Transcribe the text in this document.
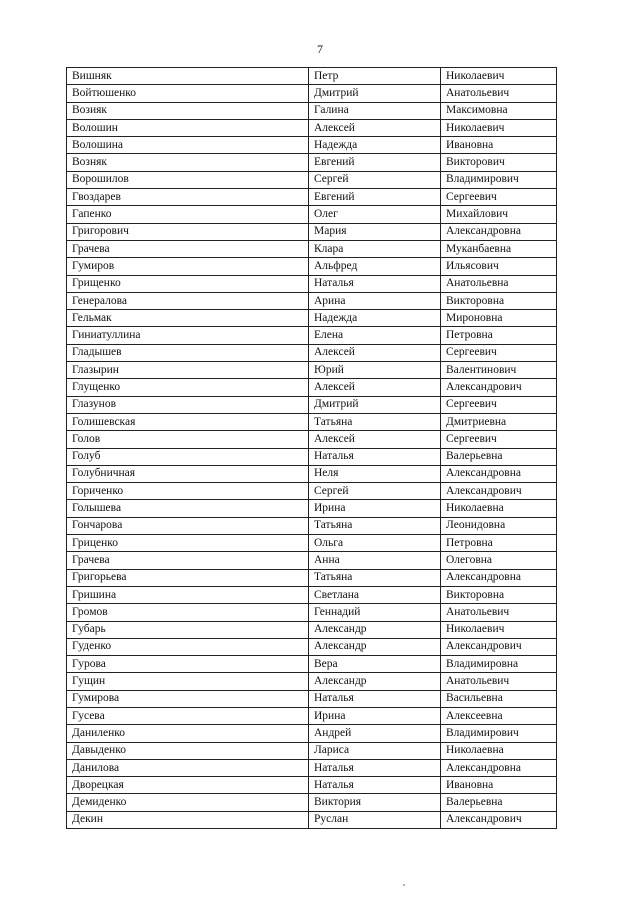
7
Вишняк	Петр	Николаевич
Войтюшенко	Дмитрий	Анатольевич
Возияк	Галина	Максимовна
Волошин	Алексей	Николаевич
Волошина	Надежда	Ивановна
Возняк	Евгений	Викторович
Ворошилов	Сергей	Владимирович
Гвоздарев	Евгений	Сергеевич
Гапенко	Олег	Михайлович
Григорович	Мария	Александровна
Грачева	Клара	Муканбаевна
Гумиров	Альфред	Ильясович
Грищенко	Наталья	Анатольевна
Генералова	Арина	Викторовна
Гельмак	Надежда	Мироновна
Гиниатуллина	Елена	Петровна
Гладышев	Алексей	Сергеевич
Глазырин	Юрий	Валентинович
Глущенко	Алексей	Александрович
Глазунов	Дмитрий	Сергеевич
Голишевская	Татьяна	Дмитриевна
Голов	Алексей	Сергеевич
Голуб	Наталья	Валерьевна
Голубничная	Неля	Александровна
Гориченко	Сергей	Александрович
Голышева	Ирина	Николаевна
Гончарова	Татьяна	Леонидовна
Гриценко	Ольга	Петровна
Грачева	Анна	Олеговна
Григорьева	Татьяна	Александровна
Гришина	Светлана	Викторовна
Громов	Геннадий	Анатольевич
Губарь	Александр	Николаевич
Гуденко	Александр	Александрович
Гурова	Вера	Владимировна
Гущин	Александр	Анатольевич
Гумирова	Наталья	Васильевна
Гусева	Ирина	Алексеевна
Даниленко	Андрей	Владимирович
Давыденко	Лариса	Николаевна
Данилова	Наталья	Александровна
Дворецкая	Наталья	Ивановна
Демиденко	Виктория	Валерьевна
Декин	Руслан	Александрович
